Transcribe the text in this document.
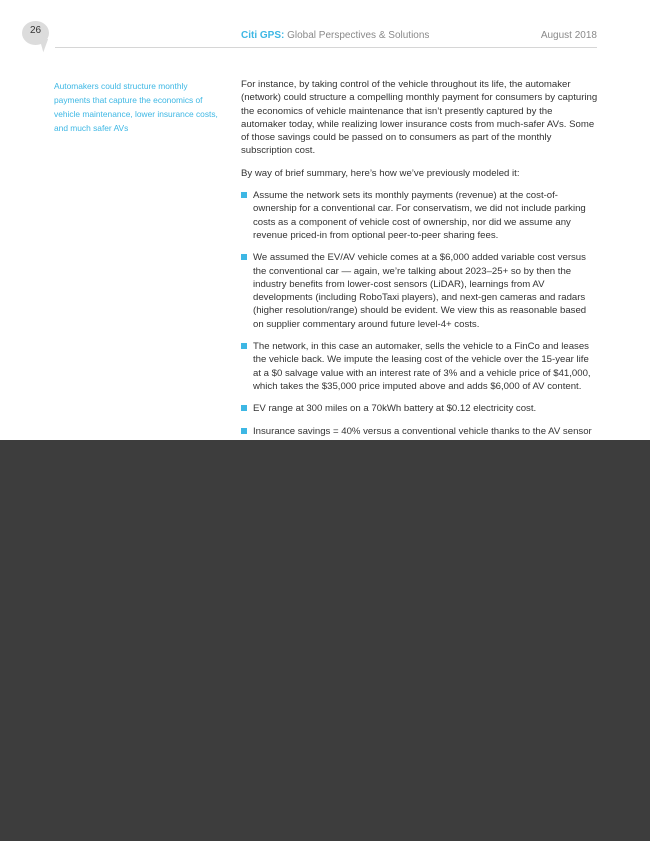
26	Citi GPS: Global Perspectives & Solutions	August 2018
Automakers could structure monthly payments that capture the economics of vehicle maintenance, lower insurance costs, and much safer AVs

For instance, by taking control of the vehicle throughout its life, the automaker (network) could structure a compelling monthly payment for consumers by capturing the economics of vehicle maintenance that isn’t presently captured by the automaker today, while realizing lower insurance costs from much-safer AVs. Some of those savings could be passed on to consumers as part of the monthly subscription cost.

By way of brief summary, here’s how we’ve previously modeled it:

Assume the network sets its monthly payments (revenue) at the cost-of-ownership for a conventional car. For conservatism, we did not include parking costs as a component of vehicle cost of ownership, nor did we assume any revenue priced-in from optional peer-to-peer sharing fees.
We assumed the EV/AV vehicle comes at a $6,000 added variable cost versus the conventional car — again, we’re talking about 2023–25+ so by then the industry benefits from lower-cost sensors (LiDAR), learnings from AV developments (including RoboTaxi players), and next-gen cameras and radars (higher resolution/range) should be evident. We view this as reasonable based on supplier commentary around future level-4+ costs.
The network, in this case an automaker, sells the vehicle to a FinCo and leases the vehicle back. We impute the leasing cost of the vehicle over the 15-year life at a $0 salvage value with an interest rate of 3% and a vehicle price of $41,000, which takes the $35,000 price imputed above and adds $6,000 of AV content.
EV range at 300 miles on a 70kWh battery at $0.12 electricity cost.
Insurance savings = 40% versus a conventional vehicle thanks to the AV sensor
